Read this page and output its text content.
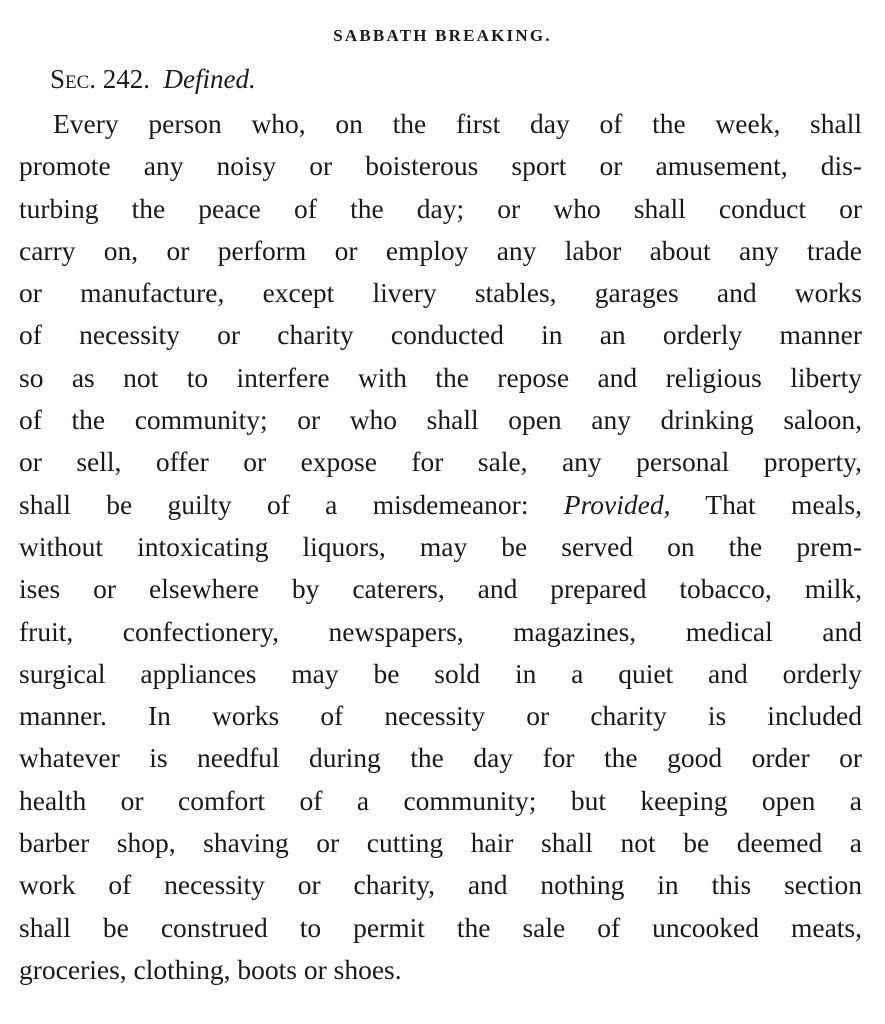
SABBATH BREAKING.
Sec. 242. Defined.
Every person who, on the first day of the week, shall
promote any noisy or boisterous sport or amusement, dis-
turbing the peace of the day; or who shall conduct or
carry on, or perform or employ any labor about any trade
or manufacture, except livery stables, garages and works
of necessity or charity conducted in an orderly manner
so as not to interfere with the repose and religious liberty
of the community; or who shall open any drinking saloon,
or sell, offer or expose for sale, any personal property,
shall be guilty of a misdemeanor: Provided, That meals,
without intoxicating liquors, may be served on the prem-
ises or elsewhere by caterers, and prepared tobacco, milk,
fruit, confectionery, newspapers, magazines, medical and
surgical appliances may be sold in a quiet and orderly
manner. In works of necessity or charity is included
whatever is needful during the day for the good order or
health or comfort of a community; but keeping open a
barber shop, shaving or cutting hair shall not be deemed a
work of necessity or charity, and nothing in this section
shall be construed to permit the sale of uncooked meats,
groceries, clothing, boots or shoes.
